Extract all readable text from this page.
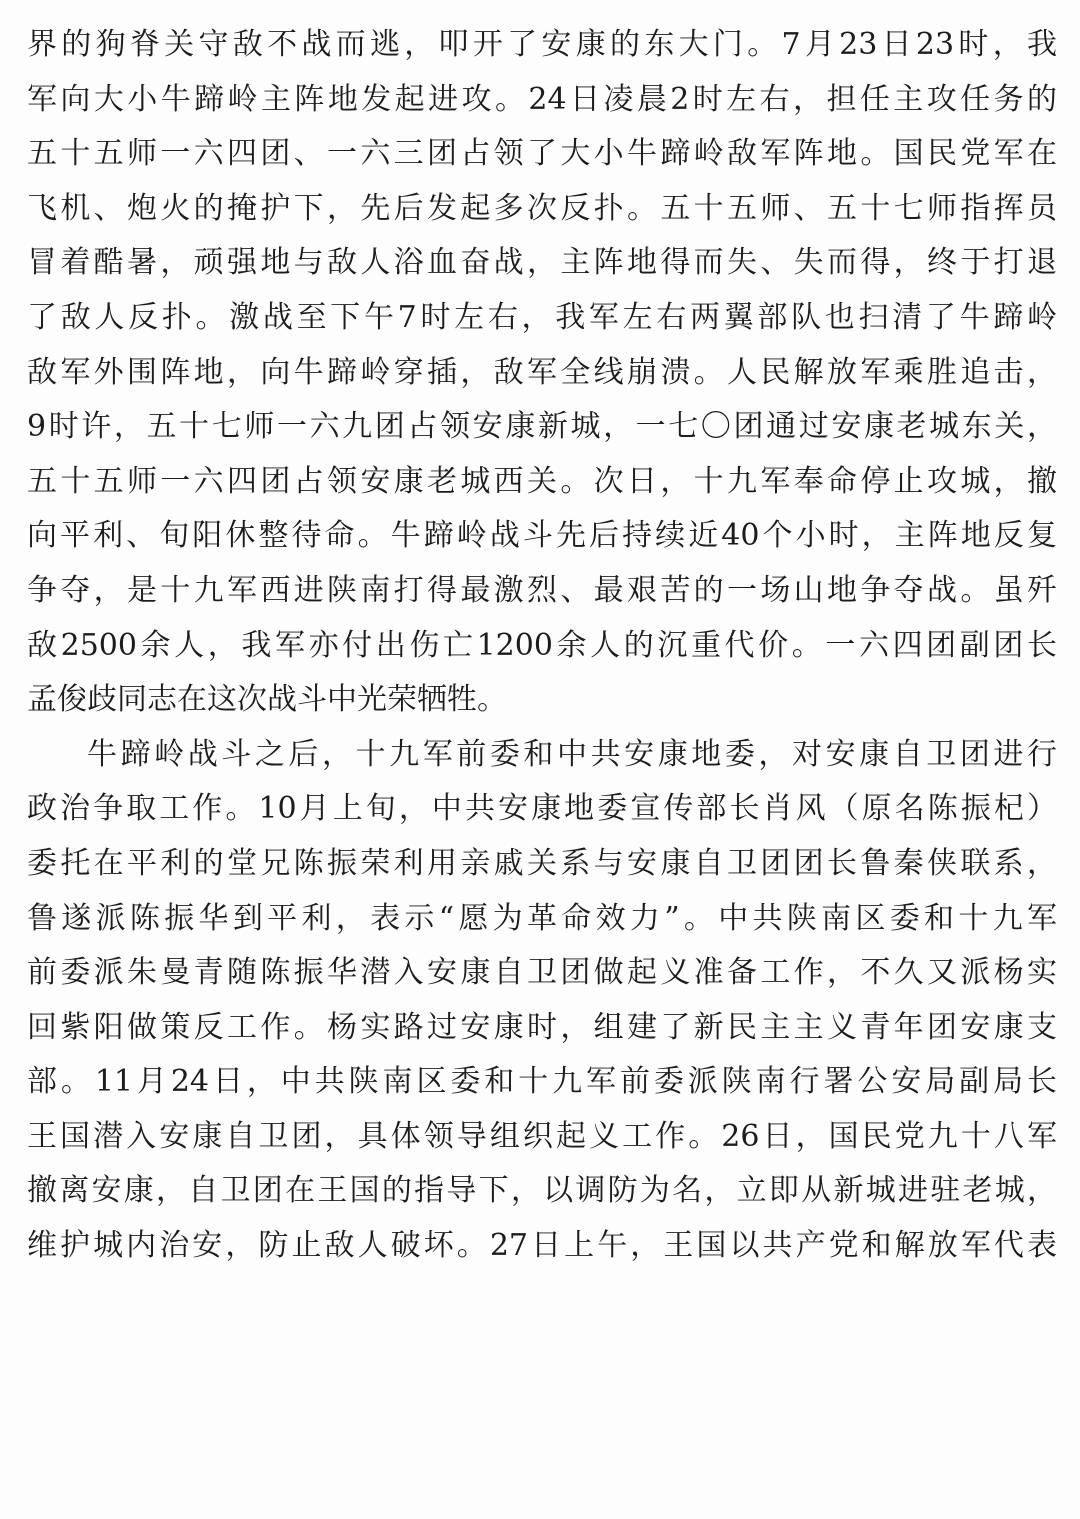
界的狗脊关守敌不战而逃，叩开了安康的东大门。7月23日23时，我
军向大小牛蹄岭主阵地发起进攻。24日凌晨2时左右，担任主攻任务的
五十五师一六四团、一六三团占领了大小牛蹄岭敌军阵地。国民党军在
飞机、炮火的掩护下，先后发起多次反扑。五十五师、五十七师指挥员
冒着酷暑，顽强地与敌人浴血奋战，主阵地得而失、失而得，终于打退
了敌人反扑。激战至下午7时左右，我军左右两翼部队也扫清了牛蹄岭
敌军外围阵地，向牛蹄岭穿插，敌军全线崩溃。人民解放军乘胜追击，
9时许，五十七师一六九团占领安康新城，一七〇团通过安康老城东关，
五十五师一六四团占领安康老城西关。次日，十九军奉命停止攻城，撤
向平利、旬阳休整待命。牛蹄岭战斗先后持续近40个小时，主阵地反复
争夺，是十九军西进陕南打得最激烈、最艰苦的一场山地争夺战。虽歼
敌2500余人，我军亦付出伤亡1200余人的沉重代价。一六四团副团长
孟俊歧同志在这次战斗中光荣牺牲。
牛蹄岭战斗之后，十九军前委和中共安康地委，对安康自卫团进行
政治争取工作。10月上旬，中共安康地委宣传部长肖风（原名陈振杞）
委托在平利的堂兄陈振荣利用亲戚关系与安康自卫团团长鲁秦侠联系，
鲁遂派陈振华到平利，表示“愿为革命效力”。中共陕南区委和十九军
前委派朱曼青随陈振华潜入安康自卫团做起义准备工作，不久又派杨实
回紫阳做策反工作。杨实路过安康时，组建了新民主主义青年团安康支
部。11月24日，中共陕南区委和十九军前委派陕南行署公安局副局长
王国潜入安康自卫团，具体领导组织起义工作。26日，国民党九十八军
撤离安康，自卫团在王国的指导下，以调防为名，立即从新城进驻老城，
维护城内治安，防止敌人破坏。27日上午，王国以共产党和解放军代表
